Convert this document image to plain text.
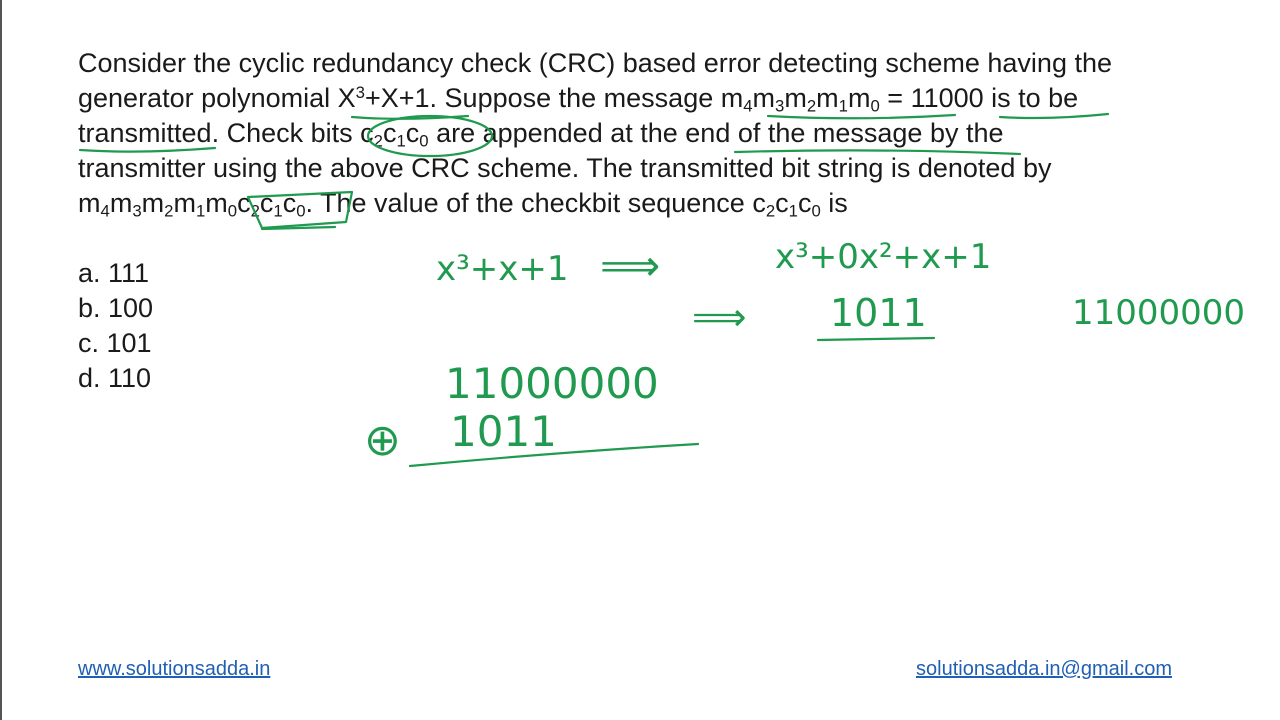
Consider the cyclic redundancy check (CRC) based error detecting scheme having the
generator polynomial $X^3+X+1$. Suppose the message $m_4m_3m_2m_1m_0 = 11000$ is to be
transmitted. Check bits $c_2c_1c_0$ are appended at the end of the message by the
transmitter using the above CRC scheme. The transmitted bit string is denoted by
$m_4m_3m_2m_1m_0c_2c_1c_0$. The value of the checkbit sequence $c_2c_1c_0$ is
a. 111
b. 100
c. 101
d. 110
x³+x+1 ⟹	x³+0x²+x+1
⟹ 1011	11000000
11000000
⊕ 1011
www.solutionsadda.in	solutionsadda.in@gmail.com
